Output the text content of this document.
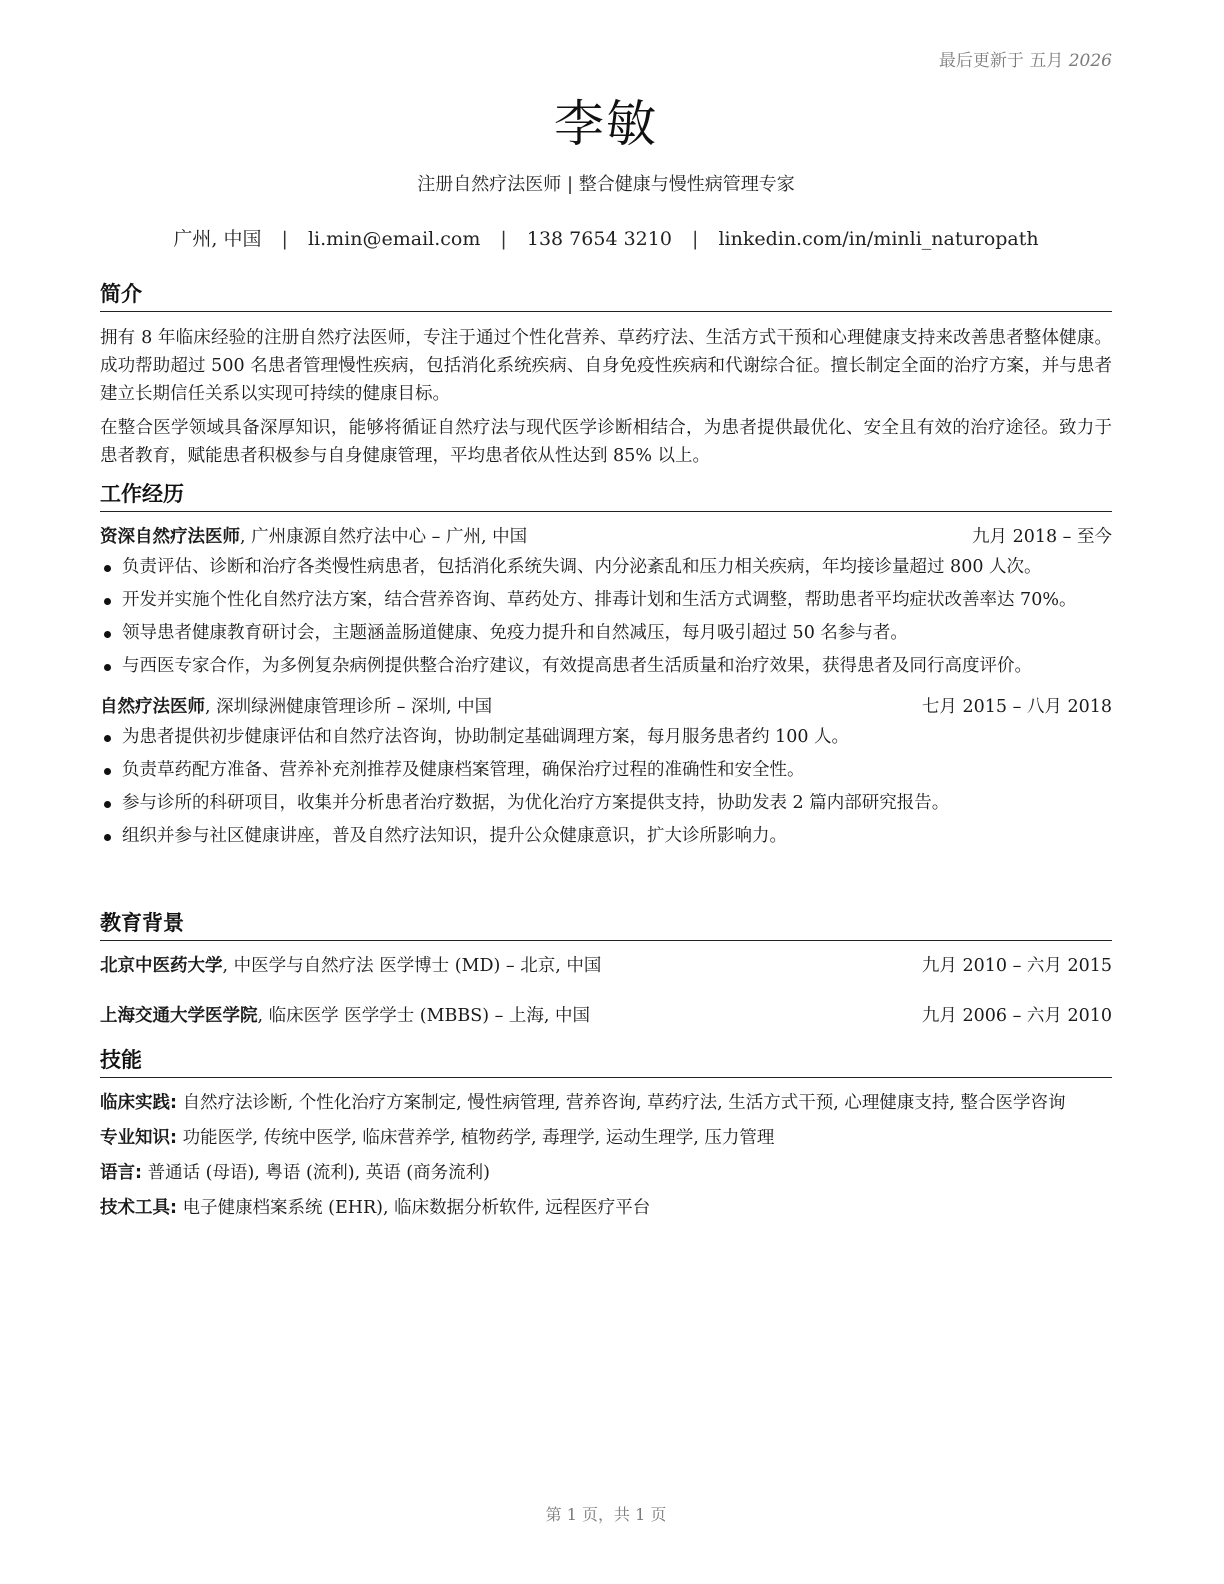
最后更新于 五月 2026
李敏
注册自然疗法医师 | 整合健康与慢性病管理专家
广州, 中国 | li.min@email.com | 138 7654 3210 | linkedin.com/in/minli_naturopath
简介

拥有 8 年临床经验的注册自然疗法医师，专注于通过个性化营养、草药疗法、生活方式干预和心理健康支持来改善患者整体健康。成功帮助超过 500 名患者管理慢性疾病，包括消化系统疾病、自身免疫性疾病和代谢综合征。擅长制定全面的治疗方案，并与患者建立长期信任关系以实现可持续的健康目标。

在整合医学领域具备深厚知识，能够将循证自然疗法与现代医学诊断相结合，为患者提供最优化、安全且有效的治疗途径。致力于患者教育，赋能患者积极参与自身健康管理，平均患者依从性达到 85% 以上。

工作经历
资深自然疗法医师, 广州康源自然疗法中心 – 广州, 中国	九月 2018 – 至今
负责评估、诊断和治疗各类慢性病患者，包括消化系统失调、内分泌紊乱和压力相关疾病，年均接诊量超过 800 人次。
开发并实施个性化自然疗法方案，结合营养咨询、草药处方、排毒计划和生活方式调整，帮助患者平均症状改善率达 70%。
领导患者健康教育研讨会，主题涵盖肠道健康、免疫力提升和自然减压，每月吸引超过 50 名参与者。
与西医专家合作，为多例复杂病例提供整合治疗建议，有效提高患者生活质量和治疗效果，获得患者及同行高度评价。
自然疗法医师, 深圳绿洲健康管理诊所 – 深圳, 中国	七月 2015 – 八月 2018
为患者提供初步健康评估和自然疗法咨询，协助制定基础调理方案，每月服务患者约 100 人。
负责草药配方准备、营养补充剂推荐及健康档案管理，确保治疗过程的准确性和安全性。
参与诊所的科研项目，收集并分析患者治疗数据，为优化治疗方案提供支持，协助发表 2 篇内部研究报告。
组织并参与社区健康讲座，普及自然疗法知识，提升公众健康意识，扩大诊所影响力。
教育背景
北京中医药大学, 中医学与自然疗法 医学博士 (MD) – 北京, 中国	九月 2010 – 六月 2015
上海交通大学医学院, 临床医学 医学学士 (MBBS) – 上海, 中国	九月 2006 – 六月 2010
技能
临床实践: 自然疗法诊断, 个性化治疗方案制定, 慢性病管理, 营养咨询, 草药疗法, 生活方式干预, 心理健康支持, 整合医学咨询
专业知识: 功能医学, 传统中医学, 临床营养学, 植物药学, 毒理学, 运动生理学, 压力管理
语言: 普通话 (母语), 粤语 (流利), 英语 (商务流利)
技术工具: 电子健康档案系统 (EHR), 临床数据分析软件, 远程医疗平台
第 1 页，共 1 页
